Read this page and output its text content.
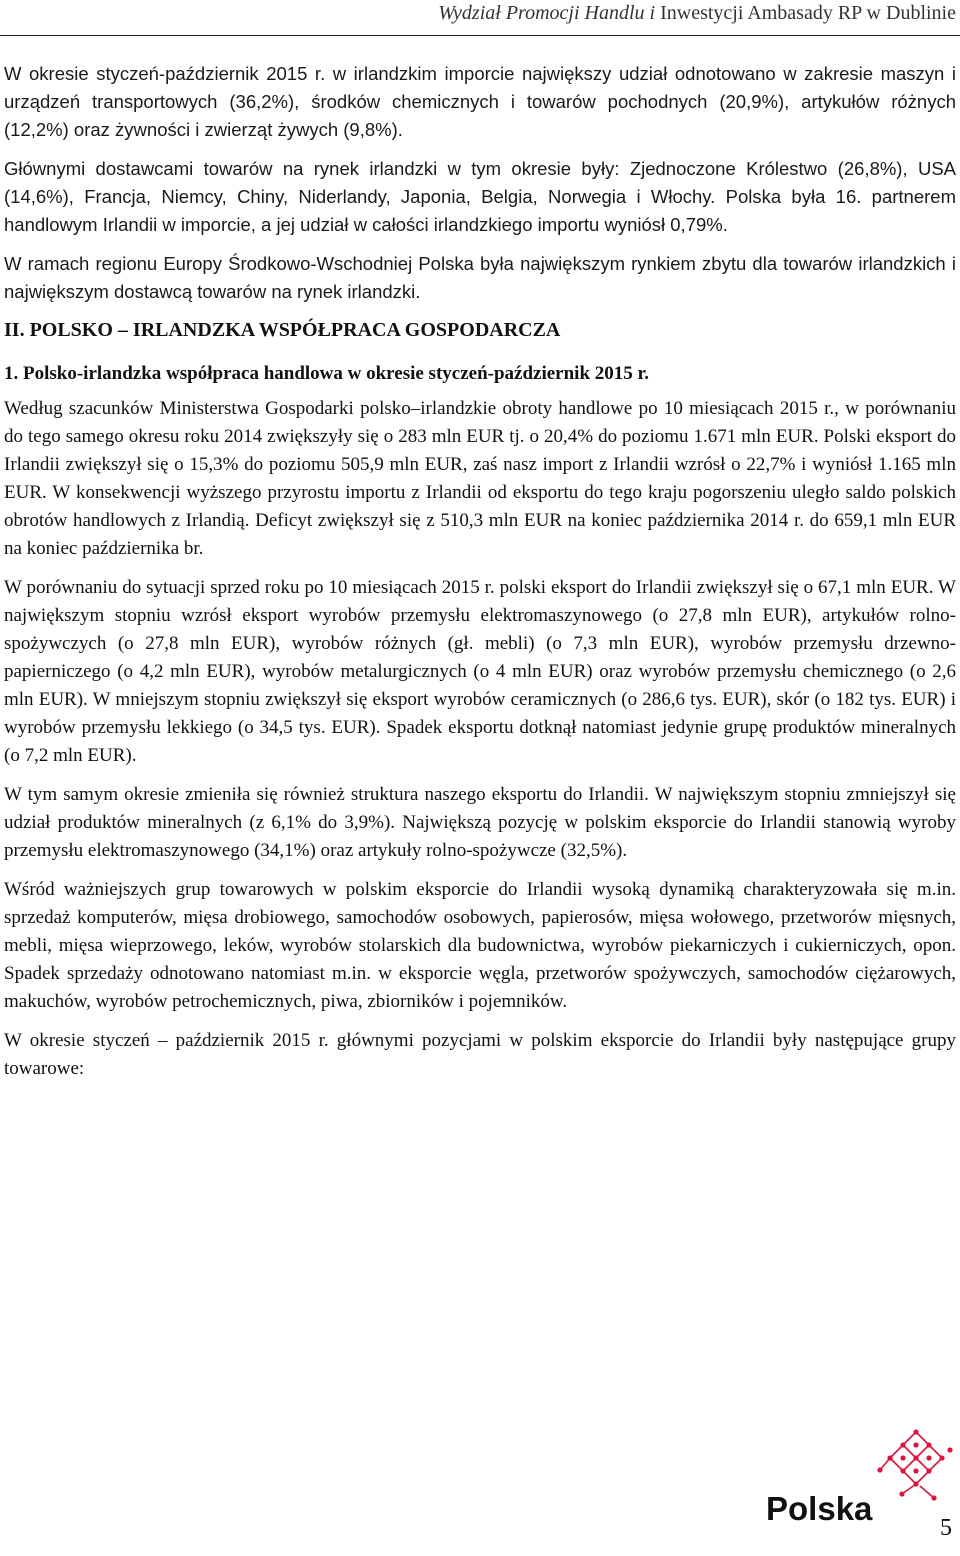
Wydział Promocji Handlu i Inwestycji Ambasady RP w Dublinie

W okresie styczeń-październik 2015 r. w irlandzkim imporcie największy udział odnotowano w zakresie maszyn i urządzeń transportowych (36,2%), środków chemicznych i towarów pochodnych (20,9%), artykułów różnych (12,2%) oraz żywności i zwierząt żywych (9,8%).

Głównymi dostawcami towarów na rynek irlandzki w tym okresie były: Zjednoczone Królestwo (26,8%), USA (14,6%), Francja, Niemcy, Chiny, Niderlandy, Japonia, Belgia, Norwegia i Włochy. Polska była 16. partnerem handlowym Irlandii w imporcie, a jej udział w całości irlandzkiego importu wyniósł 0,79%.

W ramach regionu Europy Środkowo-Wschodniej Polska była największym rynkiem zbytu dla towarów irlandzkich i największym dostawcą towarów na rynek irlandzki.

II. POLSKO – IRLANDZKA WSPÓŁPRACA GOSPODARCZA
1. Polsko-irlandzka współpraca handlowa w okresie styczeń-październik 2015 r.

Według szacunków Ministerstwa Gospodarki polsko–irlandzkie obroty handlowe po 10 miesiącach 2015 r., w porównaniu do tego samego okresu roku 2014 zwiększyły się o 283 mln EUR tj. o 20,4% do poziomu 1.671 mln EUR. Polski eksport do Irlandii zwiększył się o 15,3% do poziomu 505,9 mln EUR, zaś nasz import z Irlandii wzrósł o 22,7% i wyniósł 1.165 mln EUR. W konsekwencji wyższego przyrostu importu z Irlandii od eksportu do tego kraju pogorszeniu uległo saldo polskich obrotów handlowych z Irlandią. Deficyt zwiększył się z 510,3 mln EUR na koniec października 2014 r. do 659,1 mln EUR na koniec października br.

W porównaniu do sytuacji sprzed roku po 10 miesiącach 2015 r. polski eksport do Irlandii zwiększył się o 67,1 mln EUR. W największym stopniu wzrósł eksport wyrobów przemysłu elektromaszynowego (o 27,8 mln EUR), artykułów rolno-spożywczych (o 27,8 mln EUR), wyrobów różnych (gł. mebli) (o 7,3 mln EUR), wyrobów przemysłu drzewno-papierniczego (o 4,2 mln EUR), wyrobów metalurgicznych (o 4 mln EUR) oraz wyrobów przemysłu chemicznego (o 2,6 mln EUR). W mniejszym stopniu zwiększył się eksport wyrobów ceramicznych (o 286,6 tys. EUR), skór (o 182 tys. EUR) i wyrobów przemysłu lekkiego (o 34,5 tys. EUR). Spadek eksportu dotknął natomiast jedynie grupę produktów mineralnych (o 7,2 mln EUR).

W tym samym okresie zmieniła się również struktura naszego eksportu do Irlandii. W największym stopniu zmniejszył się udział produktów mineralnych (z 6,1% do 3,9%). Największą pozycję w polskim eksporcie do Irlandii stanowią wyroby przemysłu elektromaszynowego (34,1%) oraz artykuły rolno-spożywcze (32,5%).

Wśród ważniejszych grup towarowych w polskim eksporcie do Irlandii wysoką dynamiką charakteryzowała się m.in. sprzedaż komputerów, mięsa drobiowego, samochodów osobowych, papierosów, mięsa wołowego, przetworów mięsnych, mebli, mięsa wieprzowego, leków, wyrobów stolarskich dla budownictwa, wyrobów piekarniczych i cukierniczych, opon. Spadek sprzedaży odnotowano natomiast m.in. w eksporcie węgla, przetworów spożywczych, samochodów ciężarowych, makuchów, wyrobów petrochemicznych, piwa, zbiorników i pojemników.

W okresie styczeń – październik 2015 r. głównymi pozycjami w polskim eksporcie do Irlandii były następujące grupy towarowe:

Polska
5
